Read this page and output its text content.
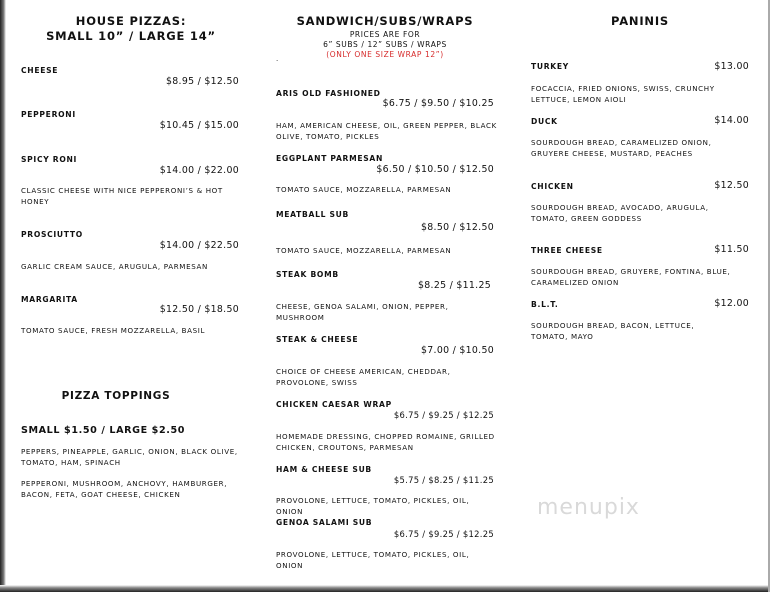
HOUSE PIZZAS:
SMALL 10” / LARGE 14”
CHEESE
$8.95 / $12.50
PEPPERONI
$10.45 / $15.00
SPICY RONI
$14.00 / $22.00
CLASSIC CHEESE WITH NICE PEPPERONI’S & HOT HONEY
PROSCIUTTO
$14.00 / $22.50
GARLIC CREAM SAUCE, ARUGULA, PARMESAN
MARGARITA
$12.50 / $18.50
TOMATO SAUCE, FRESH MOZZARELLA, BASIL
PIZZA TOPPINGS
SMALL $1.50 / LARGE $2.50
PEPPERS, PINEAPPLE, GARLIC, ONION, BLACK OLIVE, TOMATO, HAM, SPINACH
PEPPERONI, MUSHROOM, ANCHOVY, HAMBURGER, BACON, FETA, GOAT CHEESE, CHICKEN
SANDWICH/SUBS/WRAPS
PRICES ARE FOR
6” SUBS / 12” SUBS / WRAPS
(ONLY ONE SIZE WRAP 12”)
.
ARIS OLD FASHIONED
$6.75 / $9.50 / $10.25
HAM, AMERICAN CHEESE, OIL, GREEN PEPPER, BLACK OLIVE, TOMATO, PICKLES
EGGPLANT PARMESAN
$6.50 / $10.50 / $12.50
TOMATO SAUCE, MOZZARELLA, PARMESAN
MEATBALL SUB
$8.50 / $12.50
TOMATO SAUCE, MOZZARELLA, PARMESAN
STEAK BOMB
$8.25 / $11.25
CHEESE, GENOA SALAMI, ONION, PEPPER, MUSHROOM
STEAK & CHEESE
$7.00 / $10.50
CHOICE OF CHEESE AMERICAN, CHEDDAR, PROVOLONE, SWISS
CHICKEN CAESAR WRAP
$6.75 / $9.25 / $12.25
HOMEMADE DRESSING, CHOPPED ROMAINE, GRILLED CHICKEN, CROUTONS, PARMESAN
HAM & CHEESE SUB
$5.75 / $8.25 / $11.25
PROVOLONE, LETTUCE, TOMATO, PICKLES, OIL, ONION
GENOA SALAMI SUB
$6.75 / $9.25 / $12.25
PROVOLONE, LETTUCE, TOMATO, PICKLES, OIL, ONION
PANINIS
TURKEY	$13.00
FOCACCIA, FRIED ONIONS, SWISS, CRUNCHY LETTUCE, LEMON AIOLI
DUCK	$14.00
SOURDOUGH BREAD, CARAMELIZED ONION, GRUYERE CHEESE, MUSTARD, PEACHES
CHICKEN	$12.50
SOURDOUGH BREAD, AVOCADO, ARUGULA, TOMATO, GREEN GODDESS
THREE CHEESE	$11.50
SOURDOUGH BREAD, GRUYERE, FONTINA, BLUE, CARAMELIZED ONION
B.L.T.	$12.00
SOURDOUGH BREAD, BACON, LETTUCE, TOMATO, MAYO
menupix
